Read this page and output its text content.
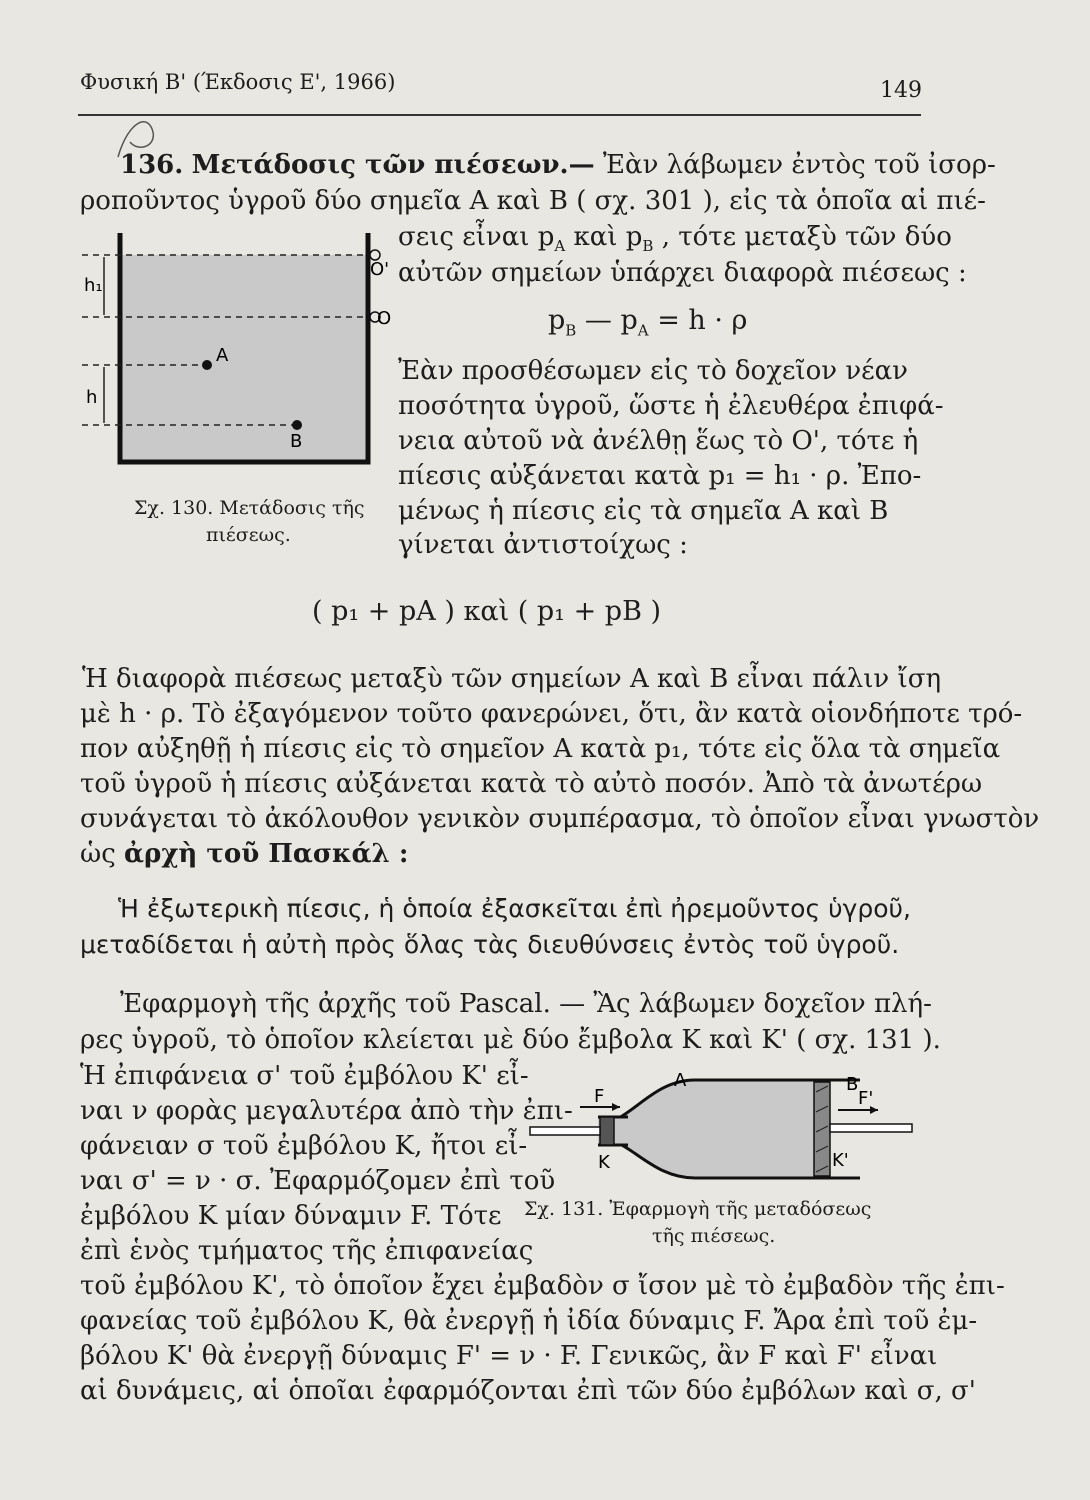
Φυσική Β' (Έκδοσις Ε', 1966)	149
136. Μετάδοσις τῶν πιέσεων.— Ἐὰν λάβωμεν ἐντὸς τοῦ ἰσορ-
ροποῦντος ὑγροῦ δύο σημεῖα Α καὶ Β ( σχ. 301 ), εἰς τὰ ὁποῖα αἱ πιέ-
σεις εἶναι $p_A$ καὶ $p_B$ , τότε μεταξὺ τῶν δύο
αὐτῶν σημείων ὑπάρχει διαφορὰ πιέσεως :
$p_B$ — $p_A = h \cdot \rho$
Ἐὰν προσθέσωμεν εἰς τὸ δοχεῖον νέαν
ποσότητα ὑγροῦ, ὥστε ἡ ἐλευθέρα ἐπιφά-
νεια αὐτοῦ νὰ ἀνέλθῃ ἕως τὸ Ο', τότε ἡ
πίεσις αὐξάνεται κατὰ p₁ = h₁ · ρ. Ἐπο-
μένως ἡ πίεσις εἰς τὰ σημεῖα Α καὶ Β
γίνεται ἀντιστοίχως :
O'
O
h₁
h
A
B
Σχ. 130. Μετάδοσις τῆς
πιέσεως.
( p₁ + pA ) καὶ ( p₁ + pB )
Ἡ διαφορὰ πιέσεως μεταξὺ τῶν σημείων Α καὶ Β εἶναι πάλιν ἴση
μὲ h · ρ. Τὸ ἐξαγόμενον τοῦτο φανερώνει, ὅτι, ἂν κατὰ οἱονδήποτε τρό-
πον αὐξηθῇ ἡ πίεσις εἰς τὸ σημεῖον Α κατὰ p₁, τότε εἰς ὅλα τὰ σημεῖα
τοῦ ὑγροῦ ἡ πίεσις αὐξάνεται κατὰ τὸ αὐτὸ ποσόν. Ἀπὸ τὰ ἀνωτέρω
συνάγεται τὸ ἀκόλουθον γενικὸν συμπέρασμα, τὸ ὁποῖον εἶναι γνωστὸν
ὡς ἀρχὴ τοῦ Πασκάλ :
Ἡ ἐξωτερικὴ πίεσις, ἡ ὁποία ἐξασκεῖται ἐπὶ ἠρεμοῦντος ὑγροῦ,
μεταδίδεται ἡ αὐτὴ πρὸς ὅλας τὰς διευθύνσεις ἐντὸς τοῦ ὑγροῦ.
Ἐφαρμογὴ τῆς ἀρχῆς τοῦ Pascal. — Ἂς λάβωμεν δοχεῖον πλή-
ρες ὑγροῦ, τὸ ὁποῖον κλείεται μὲ δύο ἔμβολα Κ καὶ Κ' ( σχ. 131 ).
Ἡ ἐπιφάνεια σ' τοῦ ἐμβόλου Κ' εἶ-
ναι ν φορὰς μεγαλυτέρα ἀπὸ τὴν ἐπι-
φάνειαν σ τοῦ ἐμβόλου Κ, ἤτοι εἶ-
ναι σ' = ν · σ. Ἐφαρμόζομεν ἐπὶ τοῦ
ἐμβόλου Κ μίαν δύναμιν F. Τότε
ἐπὶ ἑνὸς τμήματος τῆς ἐπιφανείας
τοῦ ἐμβόλου Κ', τὸ ὁποῖον ἔχει ἐμβαδὸν σ ἴσον μὲ τὸ ἐμβαδὸν τῆς ἐπι-
φανείας τοῦ ἐμβόλου Κ, θὰ ἐνεργῇ ἡ ἰδία δύναμις F. Ἄρα ἐπὶ τοῦ ἐμ-
βόλου Κ' θὰ ἐνεργῇ δύναμις F' = ν · F. Γενικῶς, ἂν F καὶ F' εἶναι
αἱ δυνάμεις, αἱ ὁποῖαι ἐφαρμόζονται ἐπὶ τῶν δύο ἐμβόλων καὶ σ, σ'
F	F'
A	B
K	K'
Σχ. 131. Ἐφαρμογὴ τῆς μεταδόσεως
τῆς πιέσεως.
